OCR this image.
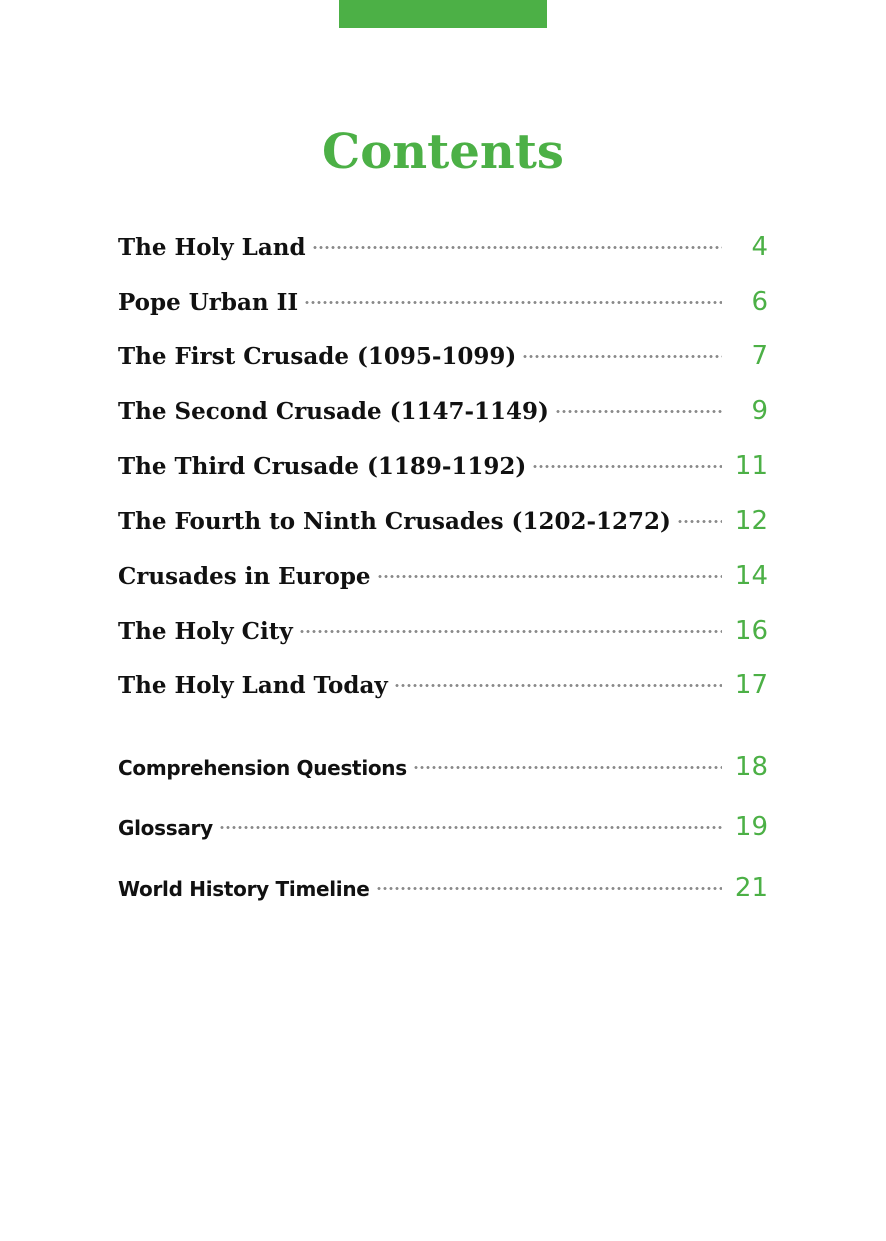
Contents
The Holy Land	4
Pope Urban II	6
The First Crusade (1095-1099)	7
The Second Crusade (1147-1149)	9
The Third Crusade (1189-1192)	11
The Fourth to Ninth Crusades (1202-1272) 12
Crusades in Europe	14
The Holy City	16
The Holy Land Today	17
Comprehension Questions	18
Glossary	19
World History Timeline	21
